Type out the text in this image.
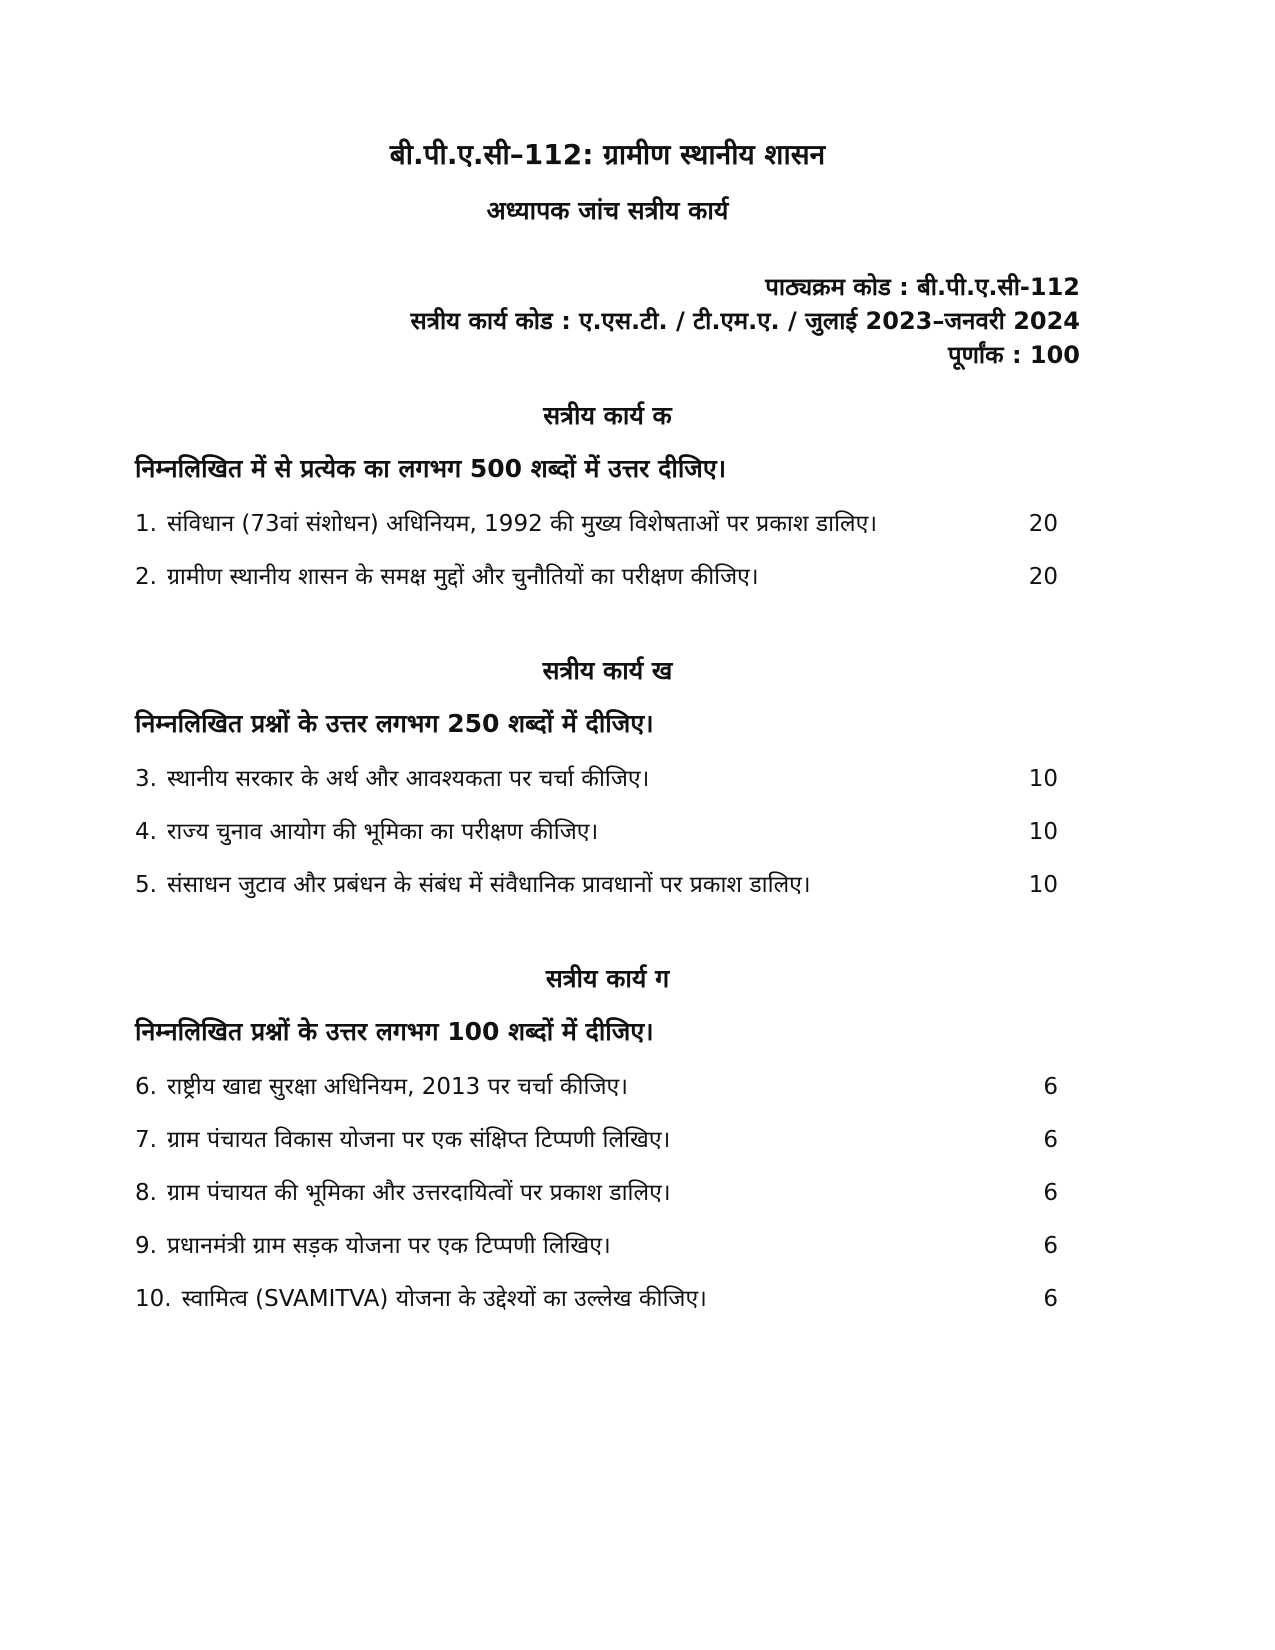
बी.पी.ए.सी–112: ग्रामीण स्थानीय शासन
अध्यापक जांच सत्रीय कार्य
पाठ्यक्रम कोड : बी.पी.ए.सी-112
सत्रीय कार्य कोड : ए.एस.टी. / टी.एम.ए. / जुलाई 2023–जनवरी 2024
पूर्णांक : 100
सत्रीय कार्य क
निम्नलिखित में से प्रत्येक का लगभग 500 शब्दों में उत्तर दीजिए।
1. संविधान (73वां संशोधन) अधिनियम, 1992 की मुख्य विशेषताओं पर प्रकाश डालिए।	20
2. ग्रामीण स्थानीय शासन के समक्ष मुद्दों और चुनौतियों का परीक्षण कीजिए।	20
सत्रीय कार्य ख
निम्नलिखित प्रश्नों के उत्तर लगभग 250 शब्दों में दीजिए।
3. स्थानीय सरकार के अर्थ और आवश्यकता पर चर्चा कीजिए।	10
4. राज्य चुनाव आयोग की भूमिका का परीक्षण कीजिए।	10
5. संसाधन जुटाव और प्रबंधन के संबंध में संवैधानिक प्रावधानों पर प्रकाश डालिए।	10
सत्रीय कार्य ग
निम्नलिखित प्रश्नों के उत्तर लगभग 100 शब्दों में दीजिए।
6. राष्ट्रीय खाद्य सुरक्षा अधिनियम, 2013 पर चर्चा कीजिए।	6
7. ग्राम पंचायत विकास योजना पर एक संक्षिप्त टिप्पणी लिखिए।	6
8. ग्राम पंचायत की भूमिका और उत्तरदायित्वों पर प्रकाश डालिए।	6
9. प्रधानमंत्री ग्राम सड़क योजना पर एक टिप्पणी लिखिए।	6
10. स्वामित्व (SVAMITVA) योजना के उद्देश्यों का उल्लेख कीजिए।	6
